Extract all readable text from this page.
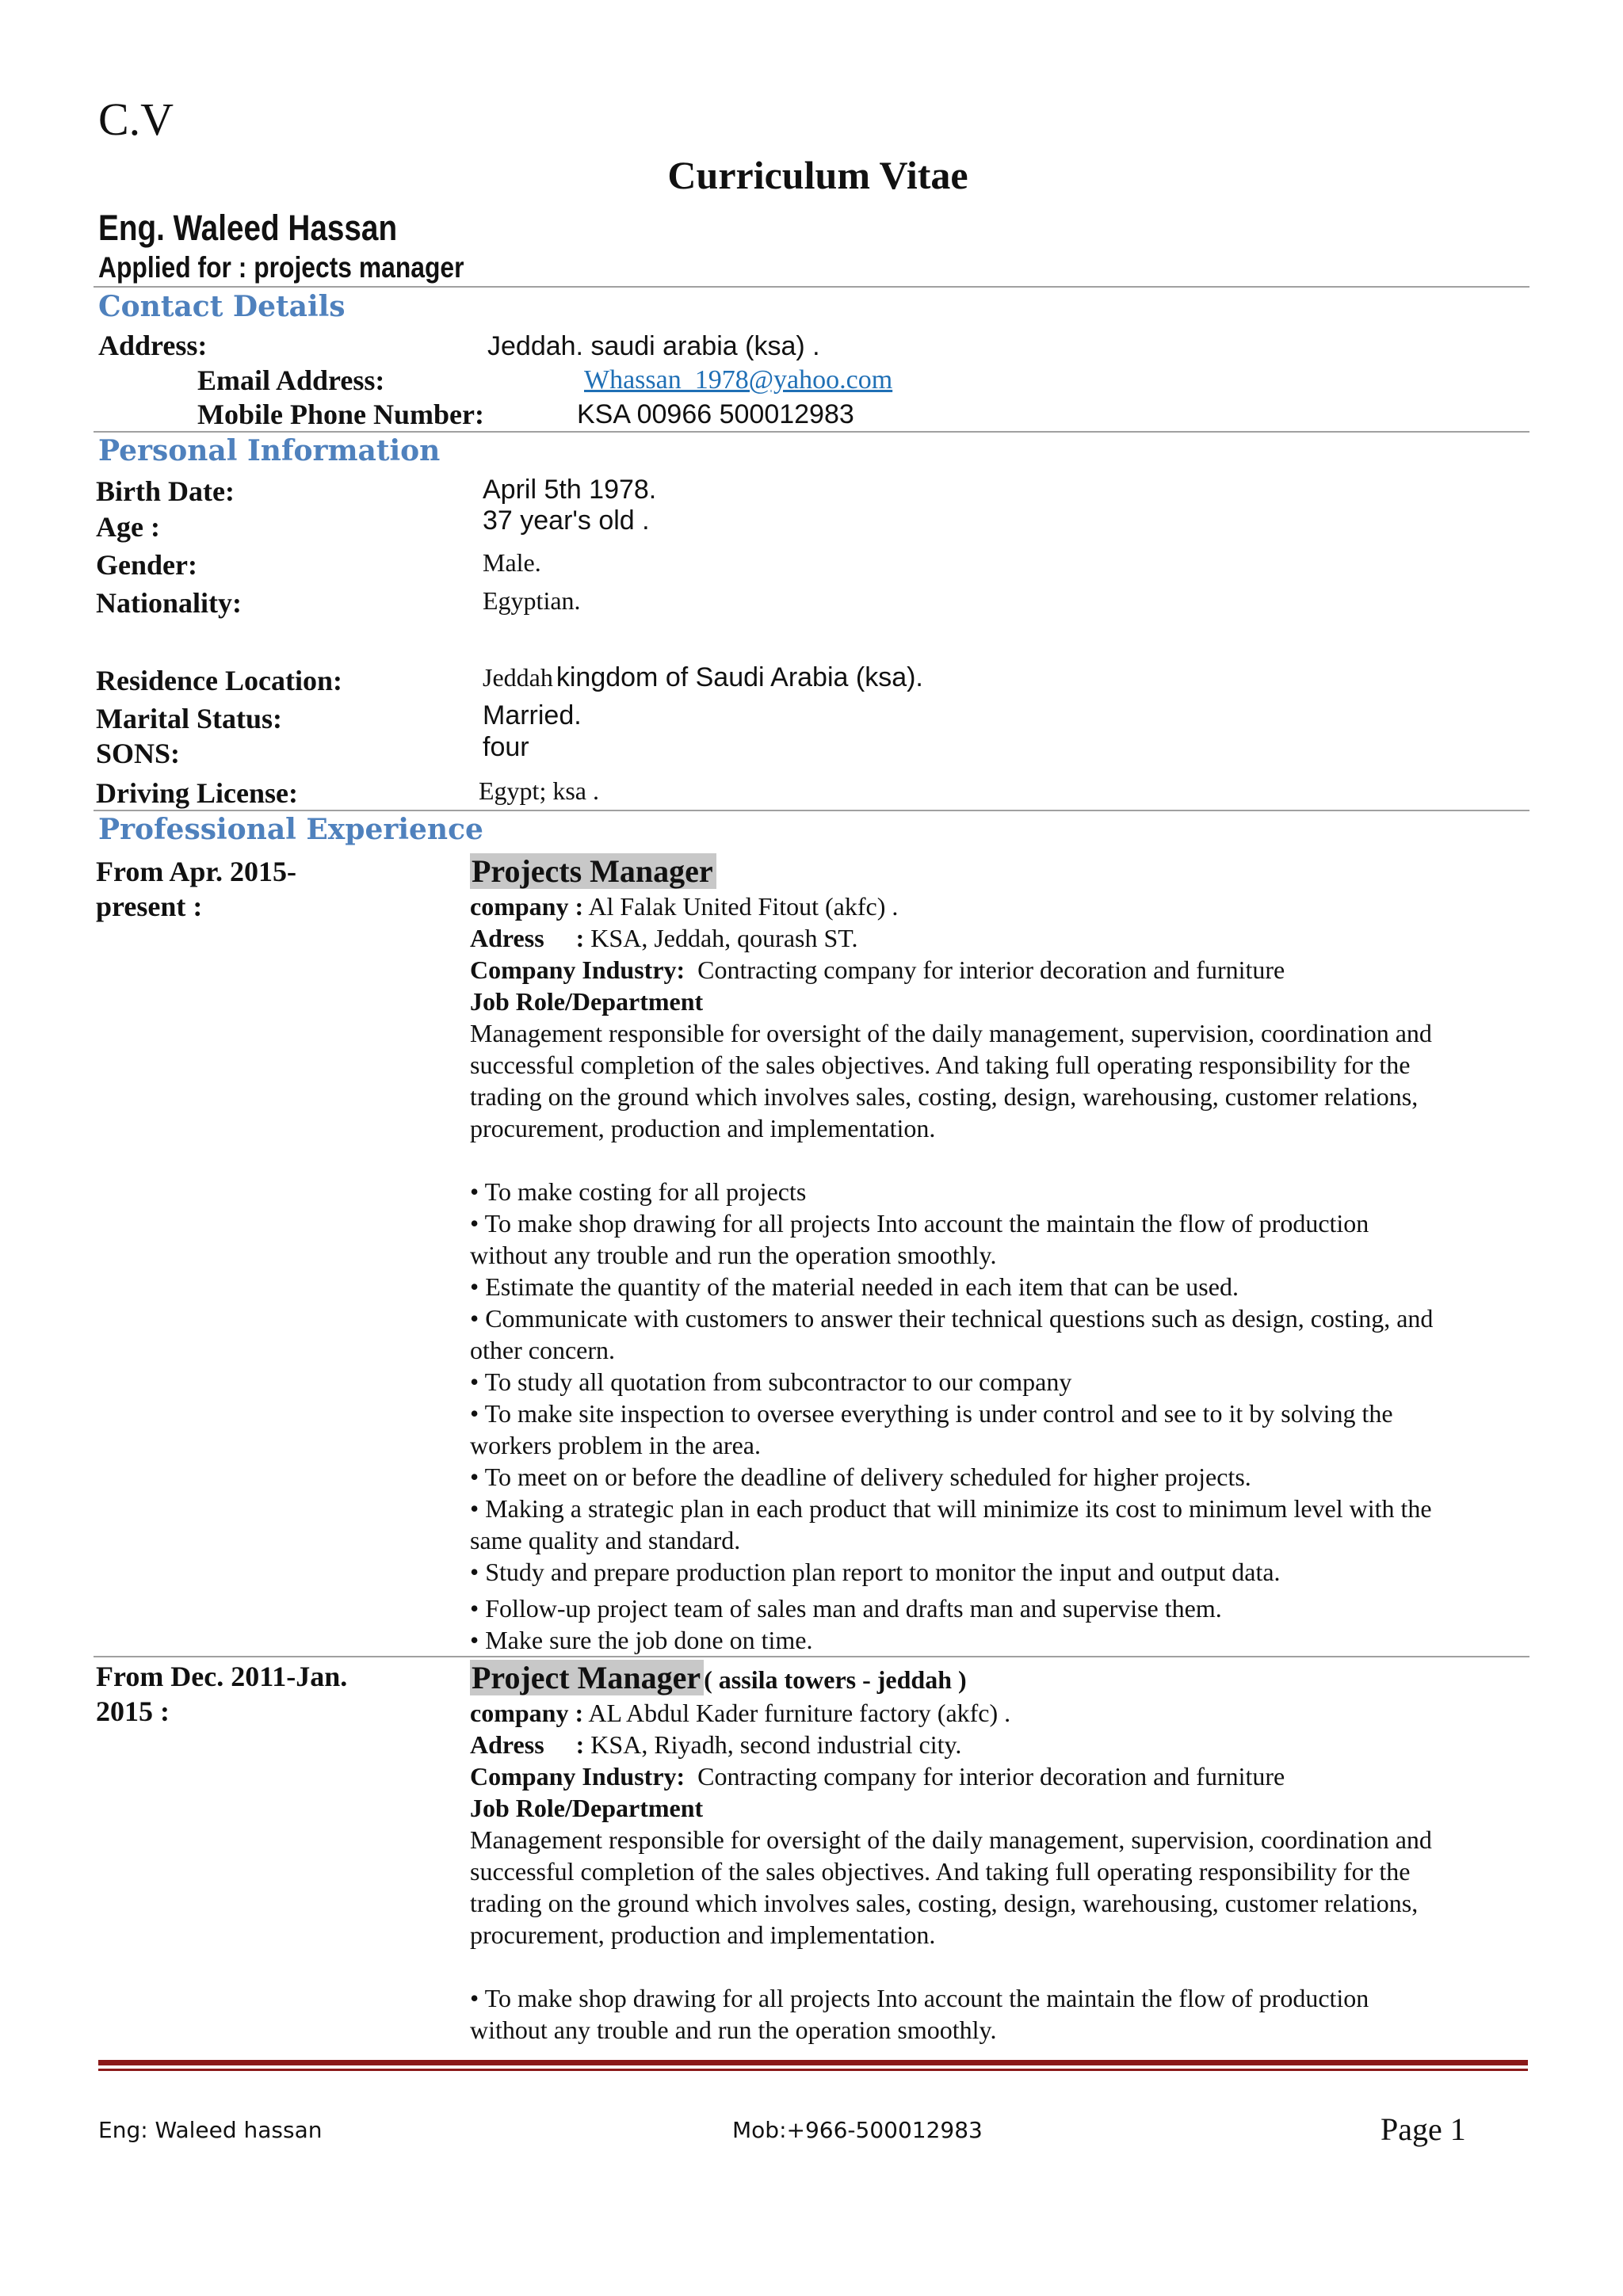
C.V
Curriculum Vitae
Eng. Waleed Hassan
Applied for : projects manager
Contact Details
Address:	Jeddah. saudi arabia (ksa) .
Email Address:	Whassan_1978@yahoo.com
Mobile Phone Number:	KSA 00966 500012983
Personal Information
Birth Date:	April 5th 1978.
Age :	37 year's old .
Gender:	Male.
Nationality:	Egyptian.
Residence Location:	Jeddah kingdom of Saudi Arabia (ksa).
Marital Status:	Married.
SONS:	four
Driving License:	Egypt; ksa .
Professional Experience
From Apr. 2015-
present :

Projects Manager

company : Al Falak United Fitout (akfc) .

Adress     : KSA, Jeddah, qourash ST.

Company Industry: Contracting company for interior decoration and furniture

Job Role/Department

Management responsible for oversight of the daily management, supervision, coordination and

successful completion of the sales objectives. And taking full operating responsibility for the

trading on the ground which involves sales, costing, design, warehousing, customer relations,

procurement, production and implementation.

• To make costing for all projects

• To make shop drawing for all projects Into account the maintain the flow of production

without any trouble and run the operation smoothly.

• Estimate the quantity of the material needed in each item that can be used.

• Communicate with customers to answer their technical questions such as design, costing, and

other concern.

• To study all quotation from subcontractor to our company

• To make site inspection to oversee everything is under control and see to it by solving the

workers problem in the area.

• To meet on or before the deadline of delivery scheduled for higher projects.

• Making a strategic plan in each product that will minimize its cost to minimum level with the

same quality and standard.

• Study and prepare production plan report to monitor the input and output data.

• Follow-up project team of sales man and drafts man and supervise them.

• Make sure the job done on time.

From Dec. 2011-Jan.
2015 :

Project Manager ( assila towers - jeddah )

company : AL Abdul Kader furniture factory (akfc) .

Adress     : KSA, Riyadh, second industrial city.

Company Industry: Contracting company for interior decoration and furniture

Job Role/Department

Management responsible for oversight of the daily management, supervision, coordination and

successful completion of the sales objectives. And taking full operating responsibility for the

trading on the ground which involves sales, costing, design, warehousing, customer relations,

procurement, production and implementation.

• To make shop drawing for all projects Into account the maintain the flow of production

without any trouble and run the operation smoothly.

Eng: Waleed hassan	Mob:+966-500012983	Page 1
